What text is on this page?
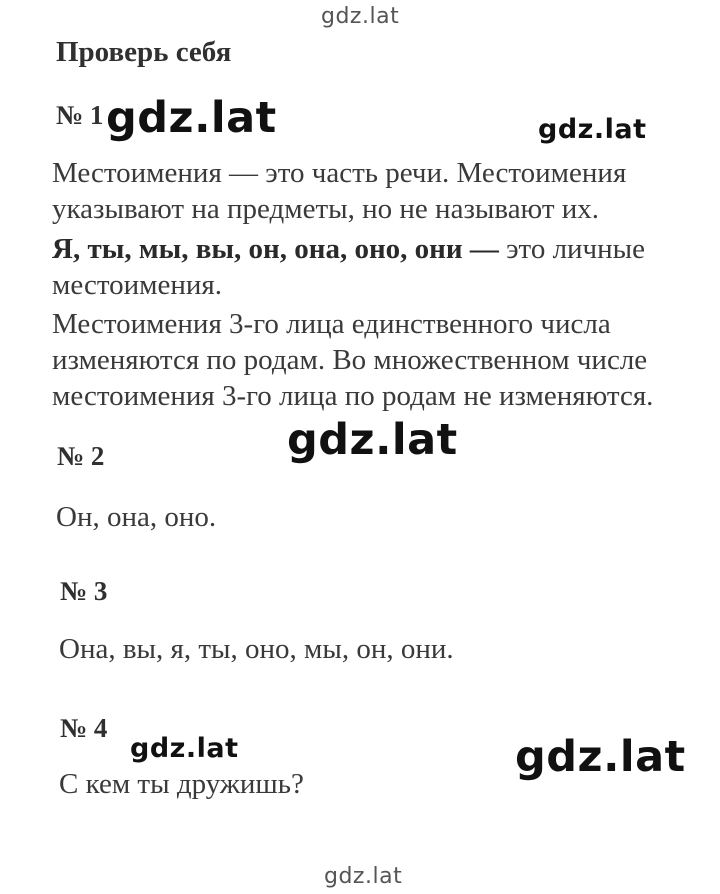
gdz.lat
gdz.lat	gdz.lat
gdz.lat
gdz.lat	gdz.lat
gdz.lat
Проверь себя
№ 1
Местоимения — это часть речи. Местоимения
указывают на предметы, но не называют их.
Я, ты, мы, вы, он, она, оно, они — это личные
местоимения.
Местоимения 3-го лица единственного числа
изменяются по родам. Во множественном числе
местоимения 3-го лица по родам не изменяются.
№ 2
Он, она, оно.
№ 3
Она, вы, я, ты, оно, мы, он, они.
№ 4
С кем ты дружишь?
